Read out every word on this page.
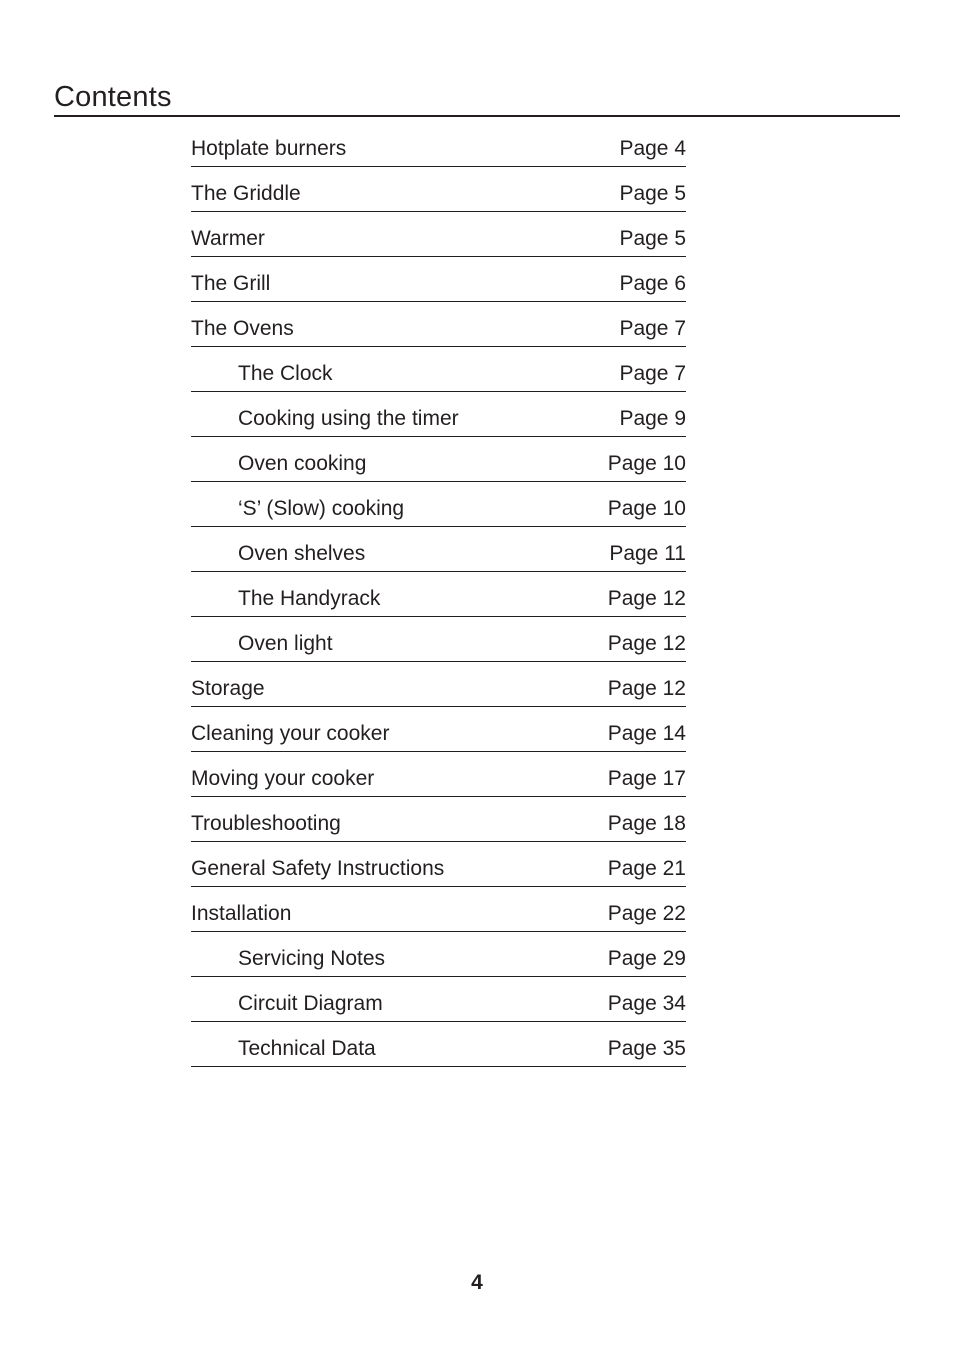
Contents
Hotplate burners	Page 4
The Griddle	Page 5
Warmer	Page 5
The Grill	Page 6
The Ovens	Page 7
The Clock	Page 7
Cooking using the timer	Page 9
Oven cooking	Page 10
‘S’ (Slow) cooking	Page 10
Oven shelves	Page 11
The Handyrack	Page 12
Oven light	Page 12
Storage	Page 12
Cleaning your cooker	Page 14
Moving your cooker	Page 17
Troubleshooting	Page 18
General Safety Instructions	Page 21
Installation	Page 22
Servicing Notes	Page 29
Circuit Diagram	Page 34
Technical Data	Page 35
4
